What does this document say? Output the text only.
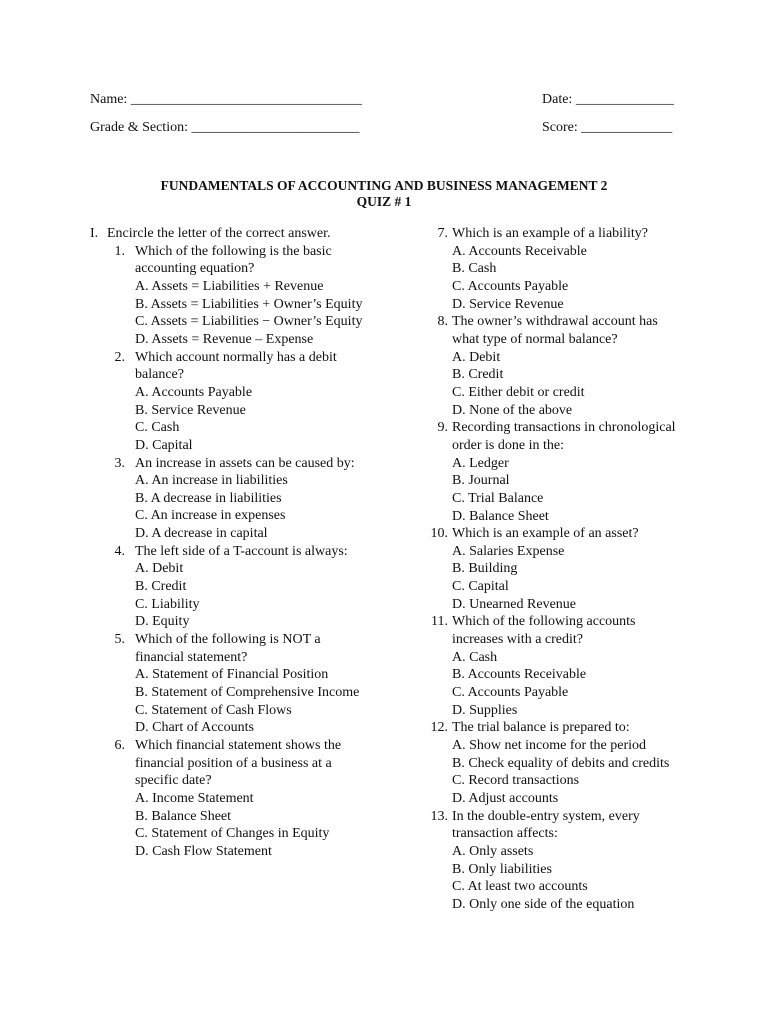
Name: _________________________________	Date: ______________
Grade & Section: ________________________	Score: _____________
FUNDAMENTALS OF ACCOUNTING AND BUSINESS MANAGEMENT 2
QUIZ # 1
I. Encircle the letter of the correct answer.
1. Which of the following is the basic
accounting equation?
A. Assets = Liabilities + Revenue
B. Assets = Liabilities + Owner’s Equity
C. Assets = Liabilities − Owner’s Equity
D. Assets = Revenue – Expense
2. Which account normally has a debit
balance?
A. Accounts Payable
B. Service Revenue
C. Cash
D. Capital
3. An increase in assets can be caused by:
A. An increase in liabilities
B. A decrease in liabilities
C. An increase in expenses
D. A decrease in capital
4. The left side of a T-account is always:
A. Debit
B. Credit
C. Liability
D. Equity
5. Which of the following is NOT a
financial statement?
A. Statement of Financial Position
B. Statement of Comprehensive Income
C. Statement of Cash Flows
D. Chart of Accounts
6. Which financial statement shows the
financial position of a business at a
specific date?
A. Income Statement
B. Balance Sheet
C. Statement of Changes in Equity
D. Cash Flow Statement
7. Which is an example of a liability?
A. Accounts Receivable
B. Cash
C. Accounts Payable
D. Service Revenue
8. The owner’s withdrawal account has
what type of normal balance?
A. Debit
B. Credit
C. Either debit or credit
D. None of the above
9. Recording transactions in chronological
order is done in the:
A. Ledger
B. Journal
C. Trial Balance
D. Balance Sheet
10. Which is an example of an asset?
A. Salaries Expense
B. Building
C. Capital
D. Unearned Revenue
11. Which of the following accounts
increases with a credit?
A. Cash
B. Accounts Receivable
C. Accounts Payable
D. Supplies
12. The trial balance is prepared to:
A. Show net income for the period
B. Check equality of debits and credits
C. Record transactions
D. Adjust accounts
13. In the double-entry system, every
transaction affects:
A. Only assets
B. Only liabilities
C. At least two accounts
D. Only one side of the equation
